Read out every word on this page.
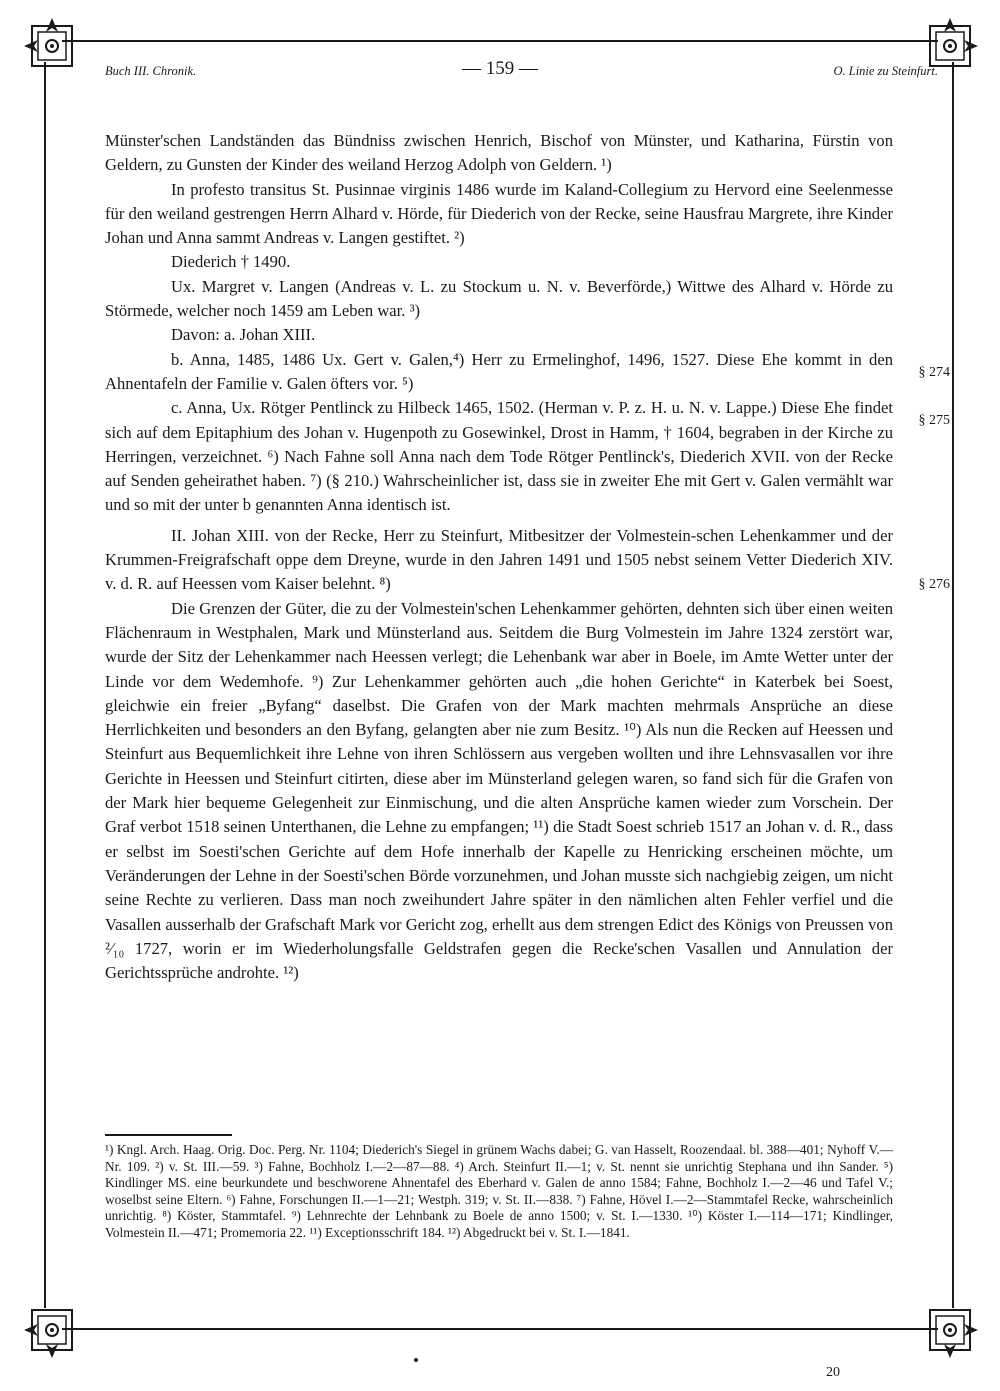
Buch III. Chronik.	— 159 —	O. Linie zu Steinfurt.

Münster'schen Landständen das Bündniss zwischen Henrich, Bischof von Münster, und Katharina, Fürstin von Geldern, zu Gunsten der Kinder des weiland Herzog Adolph von Geldern. ¹)

In profesto transitus St. Pusinnae virginis 1486 wurde im Kaland-Collegium zu Hervord eine Seelenmesse für den weiland gestrengen Herrn Alhard v. Hörde, für Diederich von der Recke, seine Hausfrau Margrete, ihre Kinder Johan und Anna sammt Andreas v. Langen gestiftet. ²)

Diederich † 1490.

Ux. Margret v. Langen (Andreas v. L. zu Stockum u. N. v. Beverförde,) Wittwe des Alhard v. Hörde zu Störmede, welcher noch 1459 am Leben war. ³)

Davon: a. Johan XIII.

b. Anna, 1485, 1486 Ux. Gert v. Galen,⁴) Herr zu Ermelinghof, 1496, 1527. Diese Ehe kommt in den Ahnentafeln der Familie v. Galen öfters vor. ⁵)

c. Anna, Ux. Rötger Pentlinck zu Hilbeck 1465, 1502. (Herman v. P. z. H. u. N. v. Lappe.) Diese Ehe findet sich auf dem Epitaphium des Johan v. Hugenpoth zu Gosewinkel, Drost in Hamm, † 1604, begraben in der Kirche zu Herringen, verzeichnet. ⁶) Nach Fahne soll Anna nach dem Tode Rötger Pentlinck's, Diederich XVII. von der Recke auf Senden geheirathet haben. ⁷) (§ 210.) Wahrscheinlicher ist, dass sie in zweiter Ehe mit Gert v. Galen vermählt war und so mit der unter b genannten Anna identisch ist.

II. Johan XIII. von der Recke, Herr zu Steinfurt, Mitbesitzer der Volmestein-schen Lehenkammer und der Krummen-Freigrafschaft oppe dem Dreyne, wurde in den Jahren 1491 und 1505 nebst seinem Vetter Diederich XIV. v. d. R. auf Heessen vom Kaiser belehnt. ⁸)

Die Grenzen der Güter, die zu der Volmestein'schen Lehenkammer gehörten, dehnten sich über einen weiten Flächenraum in Westphalen, Mark und Münsterland aus. Seitdem die Burg Volmestein im Jahre 1324 zerstört war, wurde der Sitz der Lehenkammer nach Heessen verlegt; die Lehenbank war aber in Boele, im Amte Wetter unter der Linde vor dem Wedemhofe. ⁹) Zur Lehenkammer gehörten auch „die hohen Gerichte“ in Katerbek bei Soest, gleichwie ein freier „Byfang“ daselbst. Die Grafen von der Mark machten mehrmals Ansprüche an diese Herrlichkeiten und besonders an den Byfang, gelangten aber nie zum Besitz. ¹⁰) Als nun die Recken auf Heessen und Steinfurt aus Bequemlichkeit ihre Lehne von ihren Schlössern aus vergeben wollten und ihre Lehnsvasallen vor ihre Gerichte in Heessen und Steinfurt citirten, diese aber im Münsterland gelegen waren, so fand sich für die Grafen von der Mark hier bequeme Gelegenheit zur Einmischung, und die alten Ansprüche kamen wieder zum Vorschein. Der Graf verbot 1518 seinen Unterthanen, die Lehne zu empfangen; ¹¹) die Stadt Soest schrieb 1517 an Johan v. d. R., dass er selbst im Soesti'schen Gerichte auf dem Hofe innerhalb der Kapelle zu Henricking erscheinen möchte, um Veränderungen der Lehne in der Soesti'schen Börde vorzunehmen, und Johan musste sich nachgiebig zeigen, um nicht seine Rechte zu verlieren. Dass man noch zweihundert Jahre später in den nämlichen alten Fehler verfiel und die Vasallen ausserhalb der Grafschaft Mark vor Gericht zog, erhellt aus dem strengen Edict des Königs von Preussen von ²⁄₁₀ 1727, worin er im Wiederholungsfalle Geldstrafen gegen die Recke'schen Vasallen und Annulation der Gerichtssprüche androhte. ¹²)

§ 274
§ 275
§ 276
¹) Kngl. Arch. Haag. Orig. Doc. Perg. Nr. 1104; Diederich's Siegel in grünem Wachs dabei; G. van Hasselt, Roozendaal. bl. 388—401; Nyhoff V.—Nr. 109. ²) v. St. III.—59. ³) Fahne, Bochholz I.—2—87—88. ⁴) Arch. Steinfurt II.—1; v. St. nennt sie unrichtig Stephana und ihn Sander. ⁵) Kindlinger MS. eine beurkundete und beschworene Ahnentafel des Eberhard v. Galen de anno 1584; Fahne, Bochholz I.—2—46 und Tafel V.; woselbst seine Eltern. ⁶) Fahne, Forschungen II.—1—21; Westph. 319; v. St. II.—838. ⁷) Fahne, Hövel I.—2—Stammtafel Recke, wahrscheinlich unrichtig. ⁸) Köster, Stammtafel. ⁹) Lehnrechte der Lehnbank zu Boele de anno 1500; v. St. I.—1330. ¹⁰) Köster I.—114—171; Kindlinger, Volmestein II.—471; Promemoria 22. ¹¹) Exceptionsschrift 184. ¹²) Abgedruckt bei v. St. I.—1841.
20
